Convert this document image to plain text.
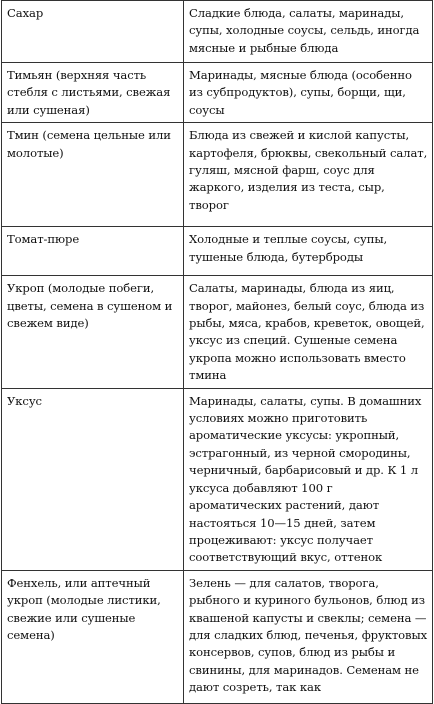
Сахар	Сладкие блюда, салаты, маринады, супы, холодные соусы, сельдь, иногда мясные и рыбные блюда

Тимьян (верхняя часть стебля с листьями, свежая или сушеная)	Маринады, мясные блюда (особенно из субпродуктов), супы, борщи, щи, соусы

Тмин (семена цельные или молотые)	Блюда из свежей и кислой капусты, картофеля, брюквы, свекольный салат, гуляш, мясной фарш, соус для жаркого, изделия из теста, сыр, творог

Томат-пюре	Холодные и теплые соусы, супы, тушеные блюда, бутерброды

Укроп (молодые побеги, цветы, семена в сушеном и свежем виде)	Салаты, маринады, блюда из яиц, творог, майонез, белый соус, блюда из рыбы, мяса, крабов, креветок, овощей, уксус из специй. Сушеные семена укропа можно использовать вместо тмина

Уксус	Маринады, салаты, супы. В домашних условиях можно приготовить ароматические уксусы: укропный, эстрагонный, из черной смородины, черничный, барбарисовый и др. К 1 л уксуса добавляют 100 г ароматических растений, дают настояться 10—15 дней, затем процеживают: уксус получает соответствующий вкус, оттенок

Фенхель, или аптечный укроп (молодые листики, свежие или сушеные семена)	Зелень — для салатов, творога, рыбного и куриного бульонов, блюд из квашеной капусты и свеклы; семена — для сладких блюд, печенья, фруктовых консервов, супов, блюд из рыбы и свинины, для маринадов. Семенам не дают созреть, так как
